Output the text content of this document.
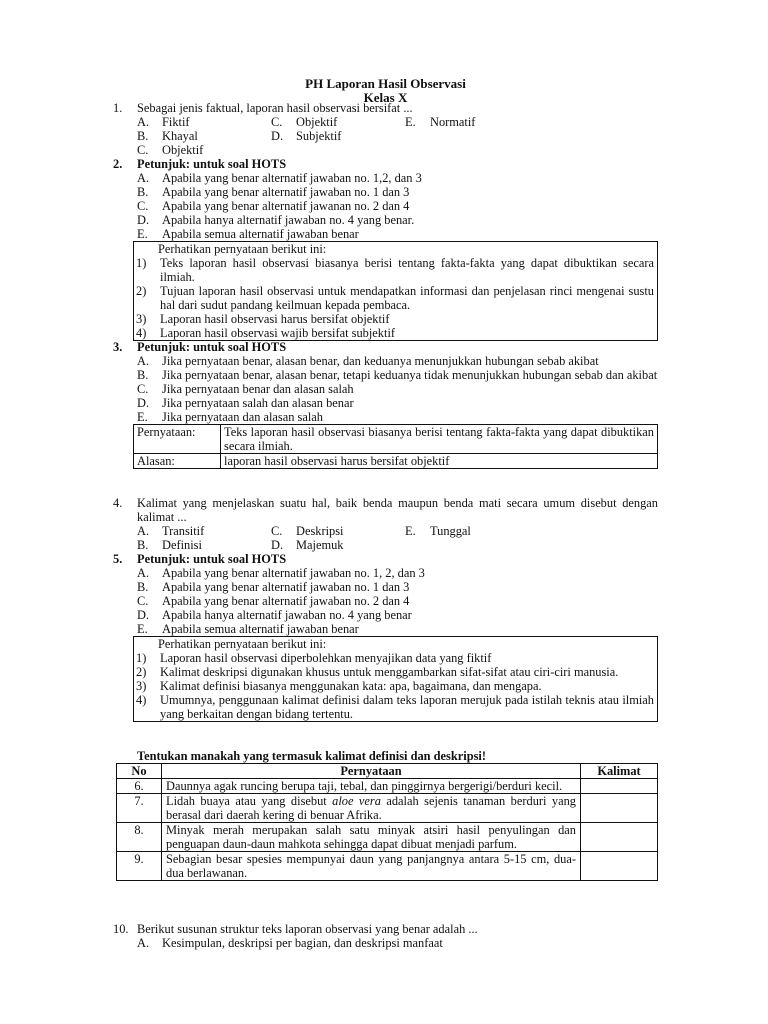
PH Laporan Hasil Observasi

Kelas X

1.	Sebagai jenis faktual, laporan hasil observasi bersifat ...
A.	Fiktif	C.	Objektif	E.	Normatif
B.	Khayal	D.	Subjektif
C.	Objektif
2.	Petunjuk: untuk soal HOTS
A.	Apabila yang benar alternatif jawaban no. 1,2, dan 3
B.	Apabila yang benar alternatif jawaban no. 1 dan 3
C.	Apabila yang benar alternatif jawanan no. 2 dan 4
D.	Apabila hanya alternatif jawaban no. 4 yang benar.
E.	Apabila semua alternatif jawaban benar
Perhatikan pernyataan berikut ini:
1)	Teks laporan hasil observasi biasanya berisi tentang fakta-fakta yang dapat dibuktikan secara ilmiah.
2)	Tujuan laporan hasil observasi untuk mendapatkan informasi dan penjelasan rinci mengenai sustu hal dari sudut pandang keilmuan kepada pembaca.
3)	Laporan hasil observasi harus bersifat objektif
4)	Laporan hasil observasi wajib bersifat subjektif
3.	Petunjuk: untuk soal HOTS
A.	Jika pernyataan benar, alasan benar, dan keduanya menunjukkan hubungan sebab akibat
B.	Jika pernyataan benar, alasan benar, tetapi keduanya tidak menunjukkan hubungan sebab dan akibat
C.	Jika pernyataan benar dan alasan salah
D.	Jika pernyataan salah dan alasan benar
E.	Jika pernyataan dan alasan salah
Pernyataan:	Teks laporan hasil observasi biasanya berisi tentang fakta-fakta yang dapat dibuktikan secara ilmiah.
Alasan:	laporan hasil observasi harus bersifat objektif
4.	Kalimat yang menjelaskan suatu hal, baik benda maupun benda mati secara umum disebut dengan kalimat ...
A.	Transitif	C.	Deskripsi	E.	Tunggal
B.	Definisi	D.	Majemuk
5.	Petunjuk: untuk soal HOTS
A.	Apabila yang benar alternatif jawaban no. 1, 2, dan 3
B.	Apabila yang benar alternatif jawaban no. 1 dan 3
C.	Apabila yang benar alternatif jawaban no. 2 dan 4
D.	Apabila hanya alternatif jawaban no. 4 yang benar
E.	Apabila semua alternatif jawaban benar
Perhatikan pernyataan berikut ini:
1)	Laporan hasil observasi diperbolehkan menyajikan data yang fiktif
2)	Kalimat deskripsi digunakan khusus untuk menggambarkan sifat-sifat atau ciri-ciri manusia.
3)	Kalimat definisi biasanya menggunakan kata: apa, bagaimana, dan mengapa.
4)	Umumnya, penggunaan kalimat definisi dalam teks laporan merujuk pada istilah teknis atau ilmiah yang berkaitan dengan bidang tertentu.
Tentukan manakah yang termasuk kalimat definisi dan deskripsi!
No	Pernyataan	Kalimat
6.	Daunnya agak runcing berupa taji, tebal, dan pinggirnya bergerigi/berduri kecil.	
7.	Lidah buaya atau yang disebut aloe vera adalah sejenis tanaman berduri yang berasal dari daerah kering di benuar Afrika.	
8.	Minyak merah merupakan salah satu minyak atsiri hasil penyulingan dan penguapan daun-daun mahkota sehingga dapat dibuat menjadi parfum.	
9.	Sebagian besar spesies mempunyai daun yang panjangnya antara 5-15 cm, dua-dua berlawanan.	
10. Berikut susunan struktur teks laporan observasi yang benar adalah ...
A.	Kesimpulan, deskripsi per bagian, dan deskripsi manfaat
